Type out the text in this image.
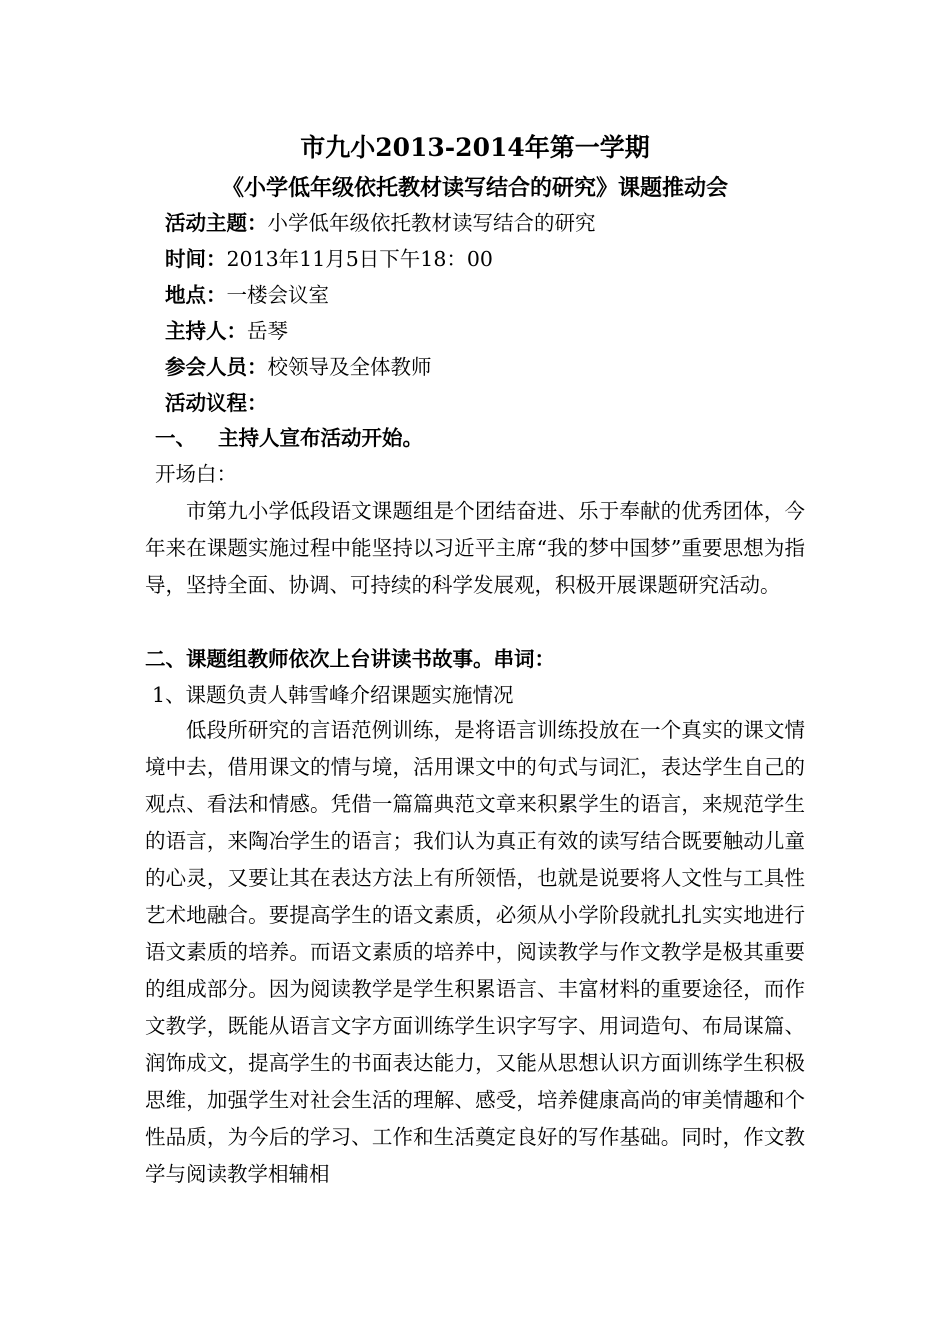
市九小2013-2014年第一学期
《小学低年级依托教材读写结合的研究》课题推动会
活动主题：小学低年级依托教材读写结合的研究
时间：2013年11月5日下午18：00
地点：一楼会议室
主持人：岳琴
参会人员：校领导及全体教师
活动议程：
一、 主持人宣布活动开始。
开场白：

市第九小学低段语文课题组是个团结奋进、乐于奉献的优秀团体，今年来在课题实施过程中能坚持以习近平主席“我的梦中国梦”重要思想为指导，坚持全面、协调、可持续的科学发展观，积极开展课题研究活动。

二、课题组教师依次上台讲读书故事。串词：
1、课题负责人韩雪峰介绍课题实施情况

低段所研究的言语范例训练，是将语言训练投放在一个真实的课文情境中去，借用课文的情与境，活用课文中的句式与词汇，表达学生自己的观点、看法和情感。凭借一篇篇典范文章来积累学生的语言，来规范学生的语言，来陶冶学生的语言；我们认为真正有效的读写结合既要触动儿童的心灵，又要让其在表达方法上有所领悟，也就是说要将人文性与工具性艺术地融合。要提高学生的语文素质，必须从小学阶段就扎扎实实地进行语文素质的培养。而语文素质的培养中，阅读教学与作文教学是极其重要的组成部分。因为阅读教学是学生积累语言、丰富材料的重要途径，而作文教学，既能从语言文字方面训练学生识字写字、用词造句、布局谋篇、润饰成文，提高学生的书面表达能力，又能从思想认识方面训练学生积极思维，加强学生对社会生活的理解、感受，培养健康高尚的审美情趣和个性品质，为今后的学习、工作和生活奠定良好的写作基础。同时，作文教学与阅读教学相辅相
